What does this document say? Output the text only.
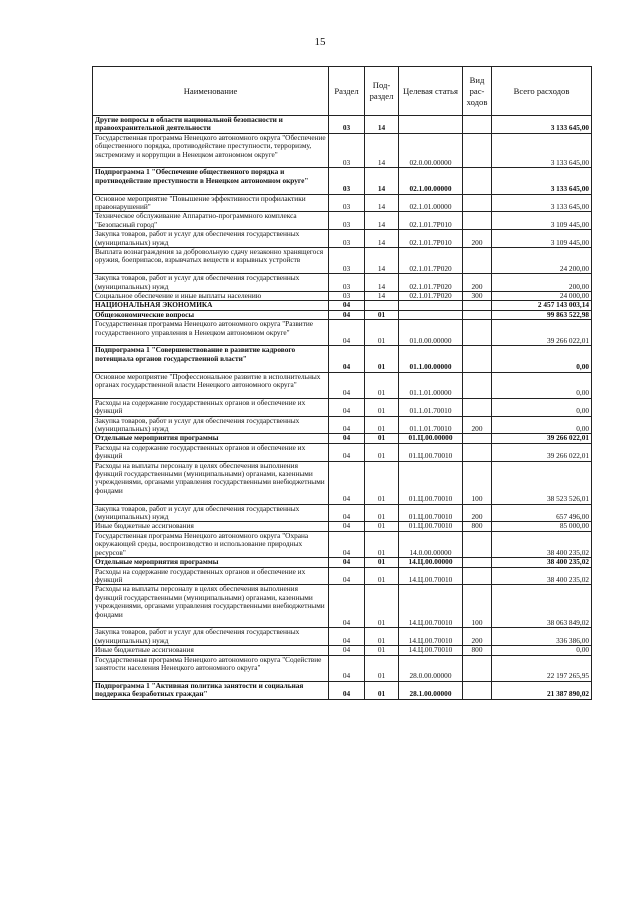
15
Наименование	Раздел	Под-раздел	Целевая статья	Вид рас-ходов	Всего расходов
Другие вопросы в области национальной безопасности и правоохранительной деятельности	03	14			3 133 645,00
Государственная программа Ненецкого автономного округа "Обеспечение общественного порядка, противодействие преступности, терроризму, экстремизму и коррупции в Ненецком автономном округе"	03	14	02.0.00.00000		3 133 645,00
Подпрограмма 1 "Обеспечение общественного порядка и противодействие преступности в Ненецком автономном округе"	03	14	02.1.00.00000		3 133 645,00
Основное мероприятие "Повышение эффективности профилактики правонарушений"	03	14	02.1.01.00000		3 133 645,00
Техническое обслуживание Аппаратно-программного комплекса "Безопасный город"	03	14	02.1.01.7Р010		3 109 445,00
Закупка товаров, работ и услуг для обеспечения государственных (муниципальных) нужд	03	14	02.1.01.7Р010	200	3 109 445,00
Выплата вознаграждения за добровольную сдачу незаконно хранящегося оружия, боеприпасов, взрывчатых веществ и взрывных устройств	03	14	02.1.01.7Р020		24 200,00
Закупка товаров, работ и услуг для обеспечения государственных (муниципальных) нужд	03	14	02.1.01.7Р020	200	200,00
Социальное обеспечение и иные выплаты населению	03	14	02.1.01.7Р020	300	24 000,00
НАЦИОНАЛЬНАЯ ЭКОНОМИКА	04				2 457 143 003,14
Общеэкономические вопросы	04	01			99 863 522,98
Государственная программа Ненецкого автономного округа "Развитие государственного управления в Ненецком автономном округе"	04	01	01.0.00.00000		39 266 022,01
Подпрограмма 1 "Совершенствование в развитие кадрового потенциала органов государственной власти"	04	01	01.1.00.00000		0,00
Основное мероприятие "Профессиональное развитие в исполнительных органах государственной власти Ненецкого автономного округа"	04	01	01.1.01.00000		0,00
Расходы на содержание государственных органов и обеспечение их функций	04	01	01.1.01.70010		0,00
Закупка товаров, работ и услуг для обеспечения государственных (муниципальных) нужд	04	01	01.1.01.70010	200	0,00
Отдельные мероприятия программы	04	01	01.Ц.00.00000		39 266 022,01
Расходы на содержание государственных органов и обеспечение их функций	04	01	01.Ц.00.70010		39 266 022,01
Расходы на выплаты персоналу в целях обеспечения выполнения функций государственными (муниципальными) органами, казенными учреждениями, органами управления государственными внебюджетными фондами	04	01	01.Ц.00.70010	100	38 523 526,01
Закупка товаров, работ и услуг для обеспечения государственных (муниципальных) нужд	04	01	01.Ц.00.70010	200	657 496,00
Иные бюджетные ассигнования	04	01	01.Ц.00.70010	800	85 000,00
Государственная программа Ненецкого автономного округа "Охрана окружающей среды, воспроизводство и использование природных ресурсов"	04	01	14.0.00.00000		38 400 235,02
Отдельные мероприятия программы	04	01	14.Ц.00.00000		38 400 235,02
Расходы на содержание государственных органов и обеспечение их функций	04	01	14.Ц.00.70010		38 400 235,02
Расходы на выплаты персоналу в целях обеспечения выполнения функций государственными (муниципальными) органами, казенными учреждениями, органами управления государственными внебюджетными фондами	04	01	14.Ц.00.70010	100	38 063 849,02
Закупка товаров, работ и услуг для обеспечения государственных (муниципальных) нужд	04	01	14.Ц.00.70010	200	336 386,00
Иные бюджетные ассигнования	04	01	14.Ц.00.70010	800	0,00
Государственная программа Ненецкого автономного округа "Содействие занятости населения Ненецкого автономного округа"	04	01	28.0.00.00000		22 197 265,95
Подпрограмма 1 "Активная политика занятости и социальная поддержка безработных граждан"	04	01	28.1.00.00000		21 387 890,02
